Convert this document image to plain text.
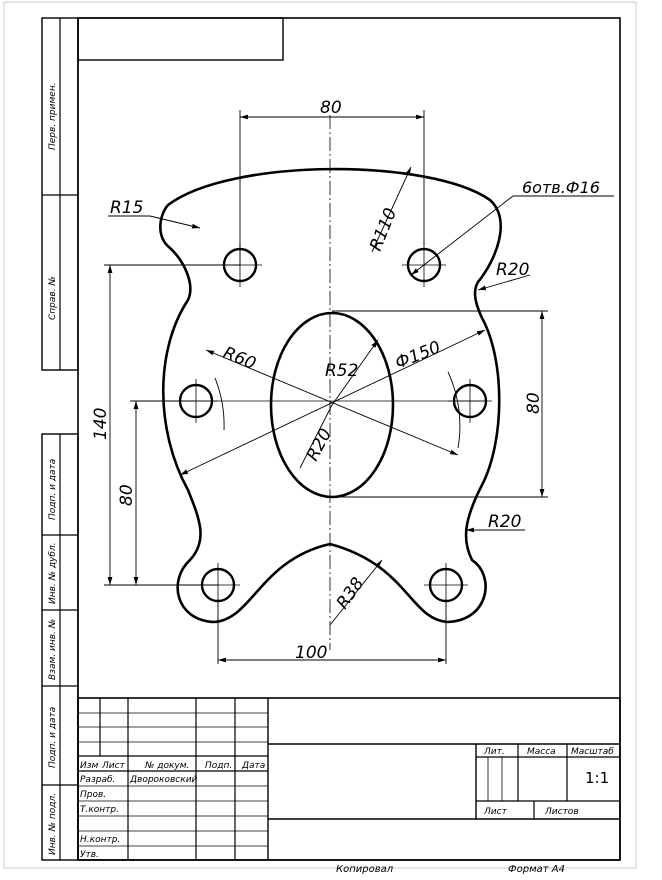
Перв. примен.
Справ. №
Подп. и дата
Инв. № дубл.
Взам. инв. №
Подп. и дата
Инв. № подл.
80
R110
6отв.Ф16
R15
R20
R60	R52 Ф150
80
140
80
R20
R20
R38
100
Изм Лист № докум. Подп. Дата
Разраб. Двороковский
Пров.
Т.контр.
Н.контр.
Утв.
Лит. Масса Масштаб
1:1
Лист	Листов
Копировал	Формат А4
